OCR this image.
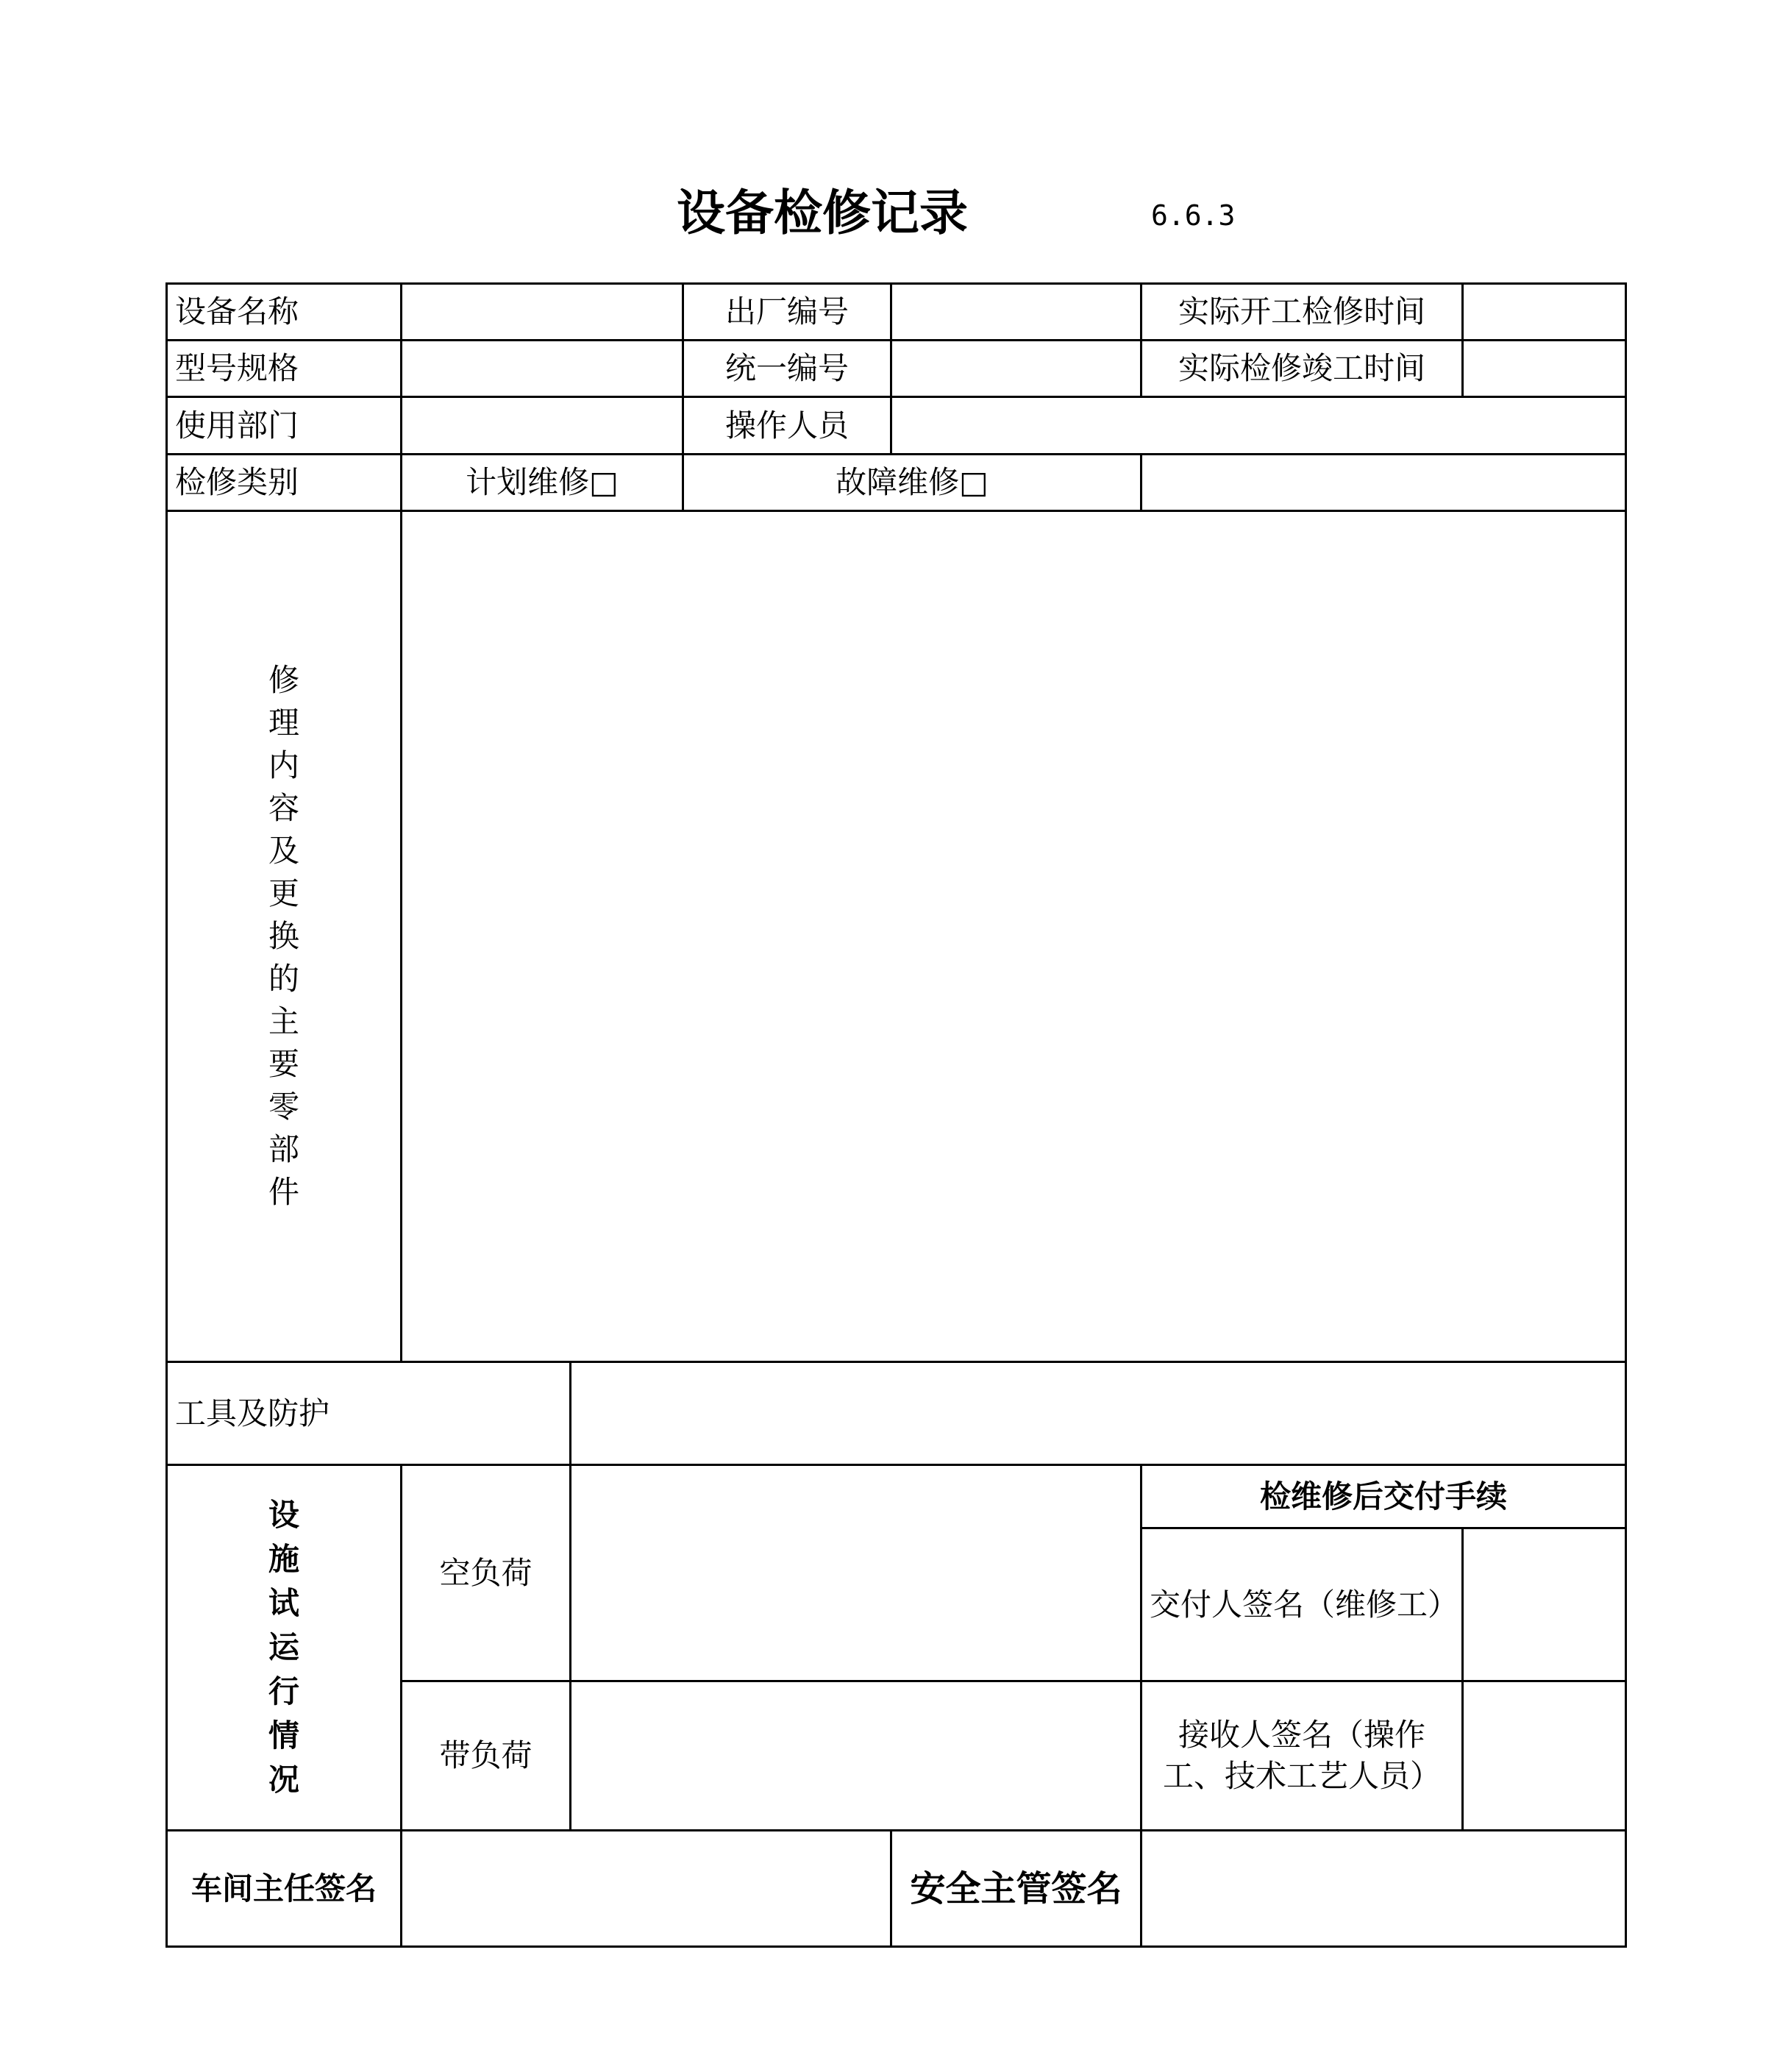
设备检修记录	6.6.3
设备名称			出厂编号		实际开工检修时间	
型号规格			统一编号		实际检修竣工时间	
使用部门			操作人员			
检修类别	计划维修□		故障维修□			

修理内容及更换的主要零部件						

工具及防护						

设施试运行情况	空负荷				检维修后交付手续	
					交付人签名（维修工）	
	带负荷				接收人签名（操作工、技术工艺人员）	
车间主任签名				安全主管签名		
